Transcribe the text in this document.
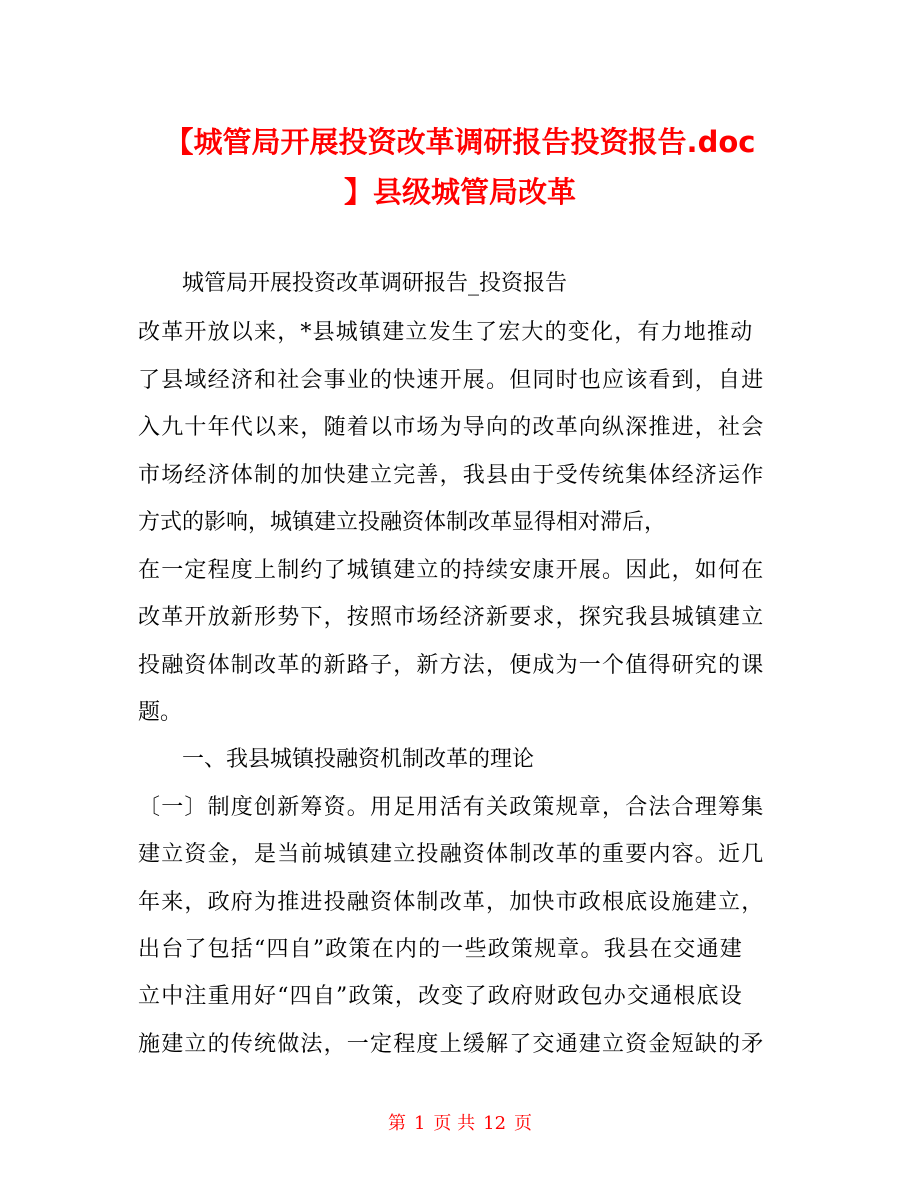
【城管局开展投资改革调研报告投资报告.doc
】县级城管局改革

城管局开展投资改革调研报告_投资报告

改革开放以来，*县城镇建立发生了宏大的变化，有力地推动

了县域经济和社会事业的快速开展。但同时也应该看到，自进

入九十年代以来，随着以市场为导向的改革向纵深推进，社会

市场经济体制的加快建立完善，我县由于受传统集体经济运作

方式的影响，城镇建立投融资体制改革显得相对滞后，

在一定程度上制约了城镇建立的持续安康开展。因此，如何在

改革开放新形势下，按照市场经济新要求，探究我县城镇建立

投融资体制改革的新路子，新方法，便成为一个值得研究的课

题。

一、我县城镇投融资机制改革的理论

〔一〕制度创新筹资。用足用活有关政策规章，合法合理筹集

建立资金，是当前城镇建立投融资体制改革的重要内容。近几

年来，政府为推进投融资体制改革，加快市政根底设施建立，

出台了包括“四自”政策在内的一些政策规章。我县在交通建

立中注重用好“四自”政策，改变了政府财政包办交通根底设

施建立的传统做法，一定程度上缓解了交通建立资金短缺的矛

第 1 页 共 12 页
